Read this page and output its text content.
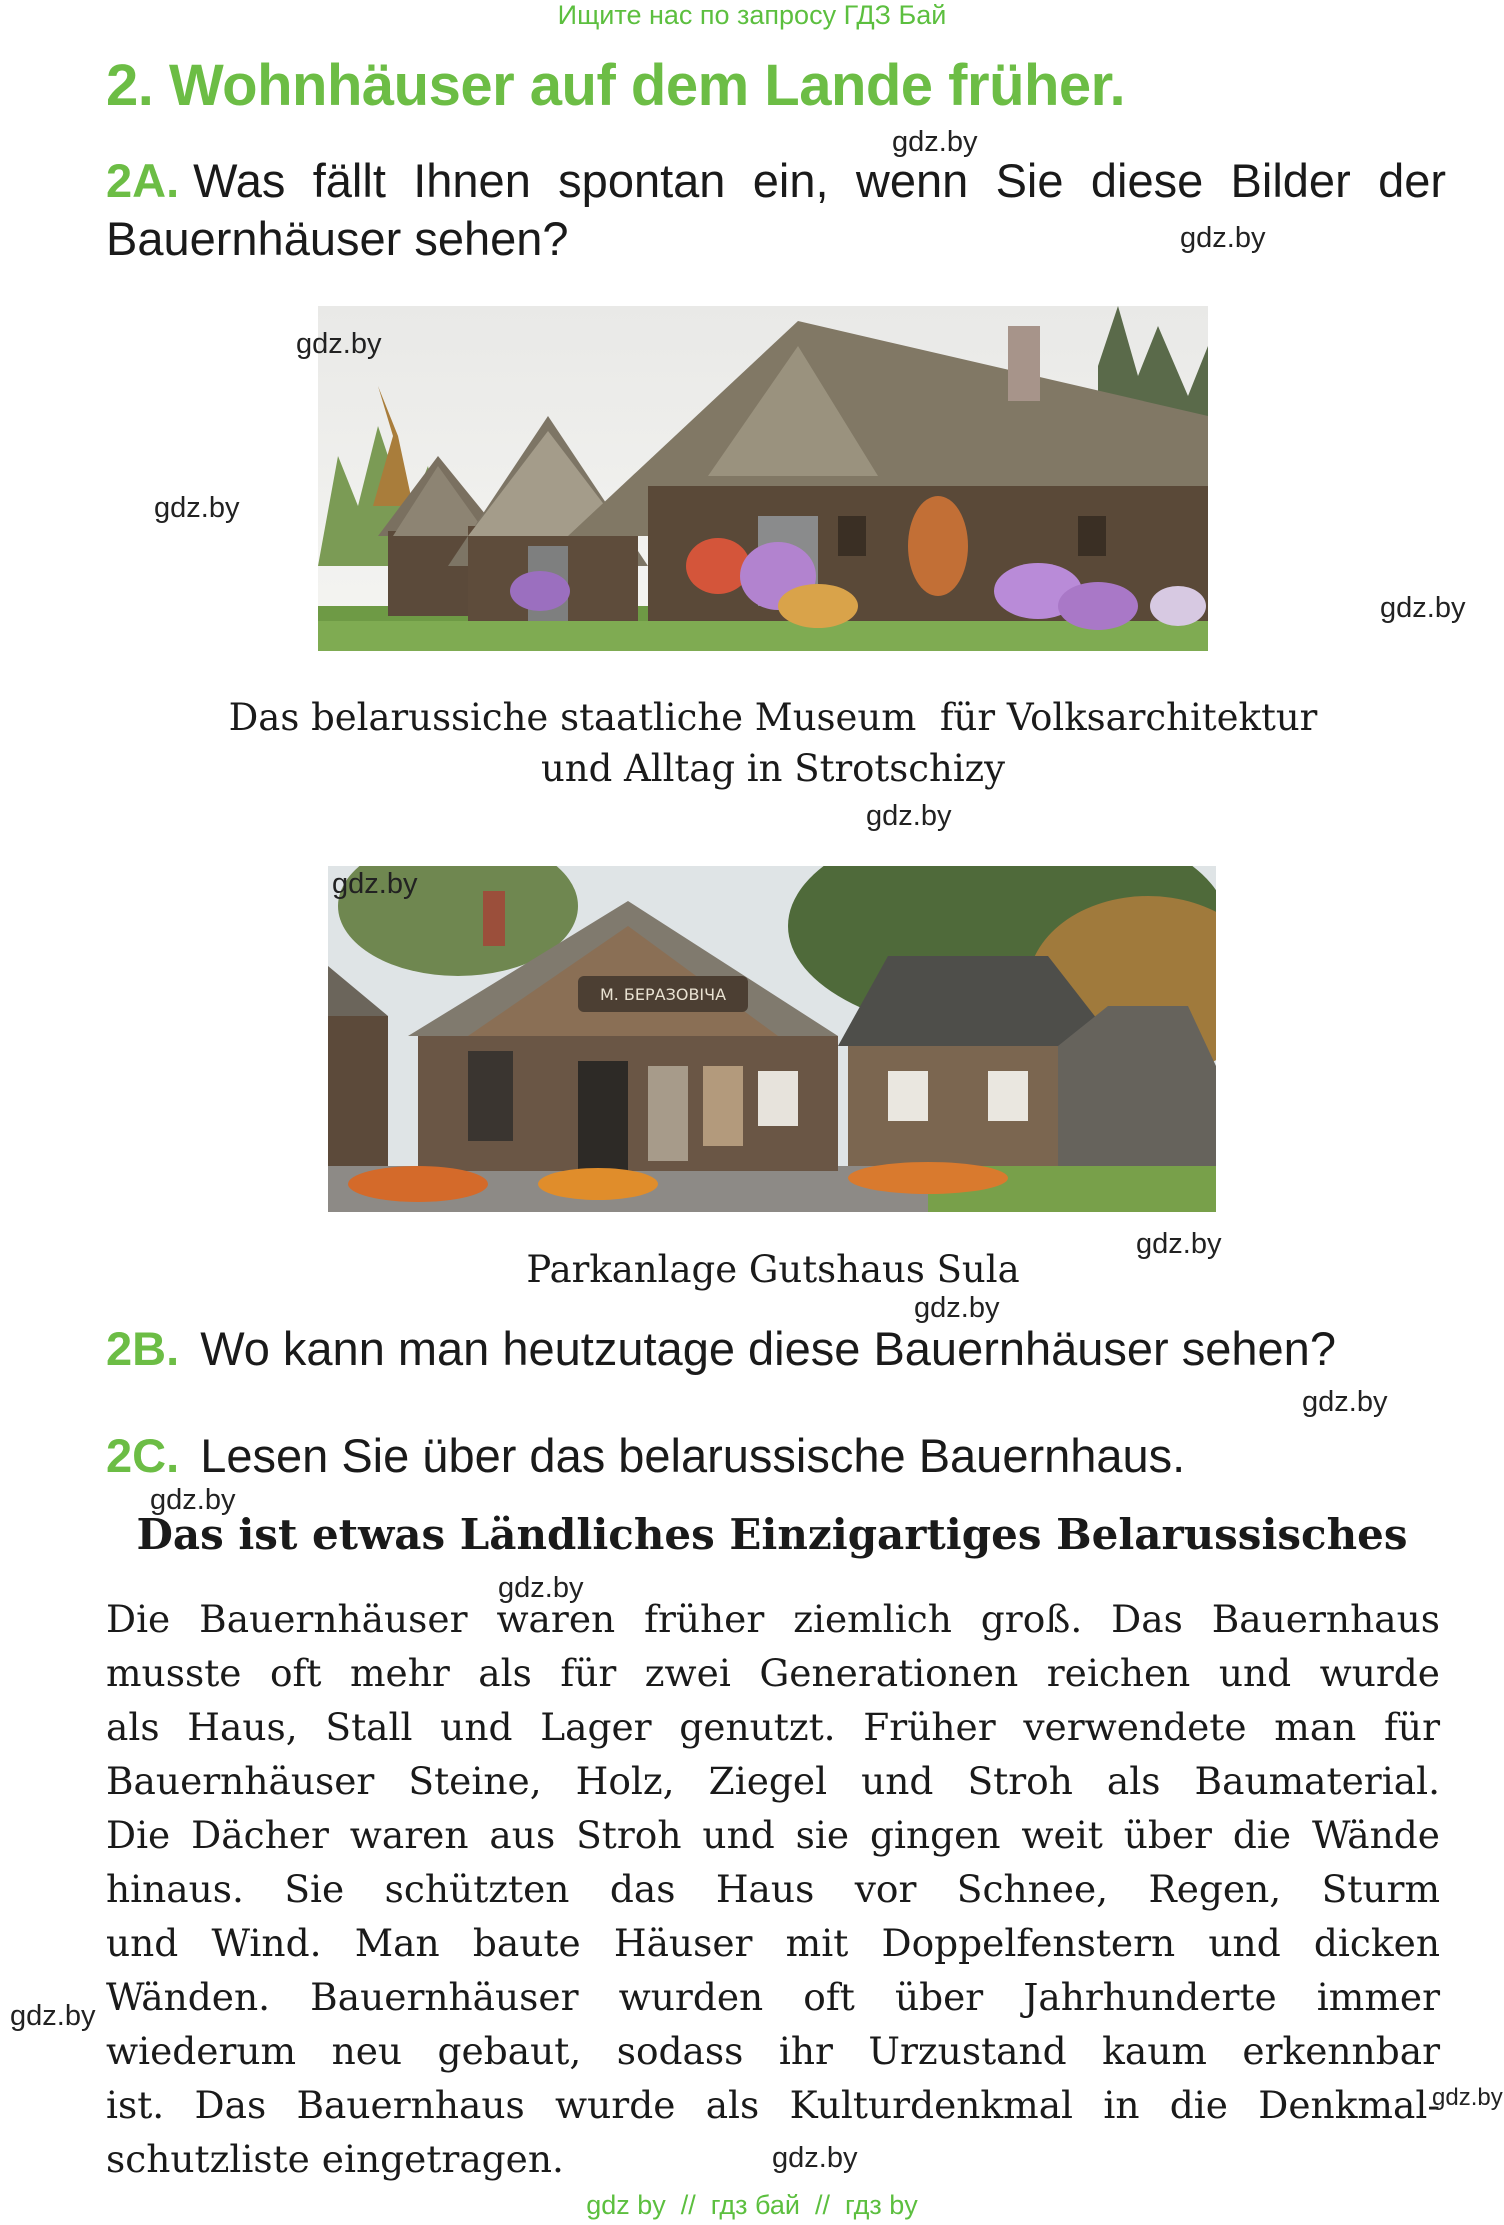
Ищите нас по запросу ГДЗ Бай
2. Wohnhäuser auf dem Lande früher.
2A. Was fällt Ihnen spontan ein, wenn Sie diese Bilder der
Bauernhäuser sehen?
Das belarussiche staatliche Museum  für Volksarchitektur
und Alltag in Strotschizy
М. БЕРАЗОВІЧА
Parkanlage Gutshaus Sula
2B. Wo kann man heutzutage diese Bauernhäuser sehen?
2C. Lesen Sie über das belarussische Bauernhaus.
Das ist etwas Ländliches Einzigartiges Belarussisches
Die Bauernhäuser waren früher ziemlich groß. Das Bauernhaus
musste oft mehr als für zwei Generationen reichen und wurde
als Haus, Stall und Lager genutzt. Früher verwendete man für
Bauernhäuser Steine, Holz, Ziegel und Stroh als Baumaterial.
Die Dächer waren aus Stroh und sie gingen weit über die Wände
hinaus. Sie schützten das Haus vor Schnee, Regen, Sturm
und Wind. Man baute Häuser mit Doppelfenstern und dicken
Wänden. Bauernhäuser wurden oft über Jahrhunderte immer
wiederum neu gebaut, sodass ihr Urzustand kaum erkennbar
ist. Das Bauernhaus wurde als Kulturdenkmal in die Denkmal-
schutzliste eingetragen.
gdz.by
gdz.by
gdz.by
gdz.by
gdz.by
gdz.by
gdz.by
gdz.by
gdz.by
gdz.by
gdz.by
gdz.by
gdz.by
gdz.by
gdz.by
gdz by  //  гдз бай  //  гдз by
